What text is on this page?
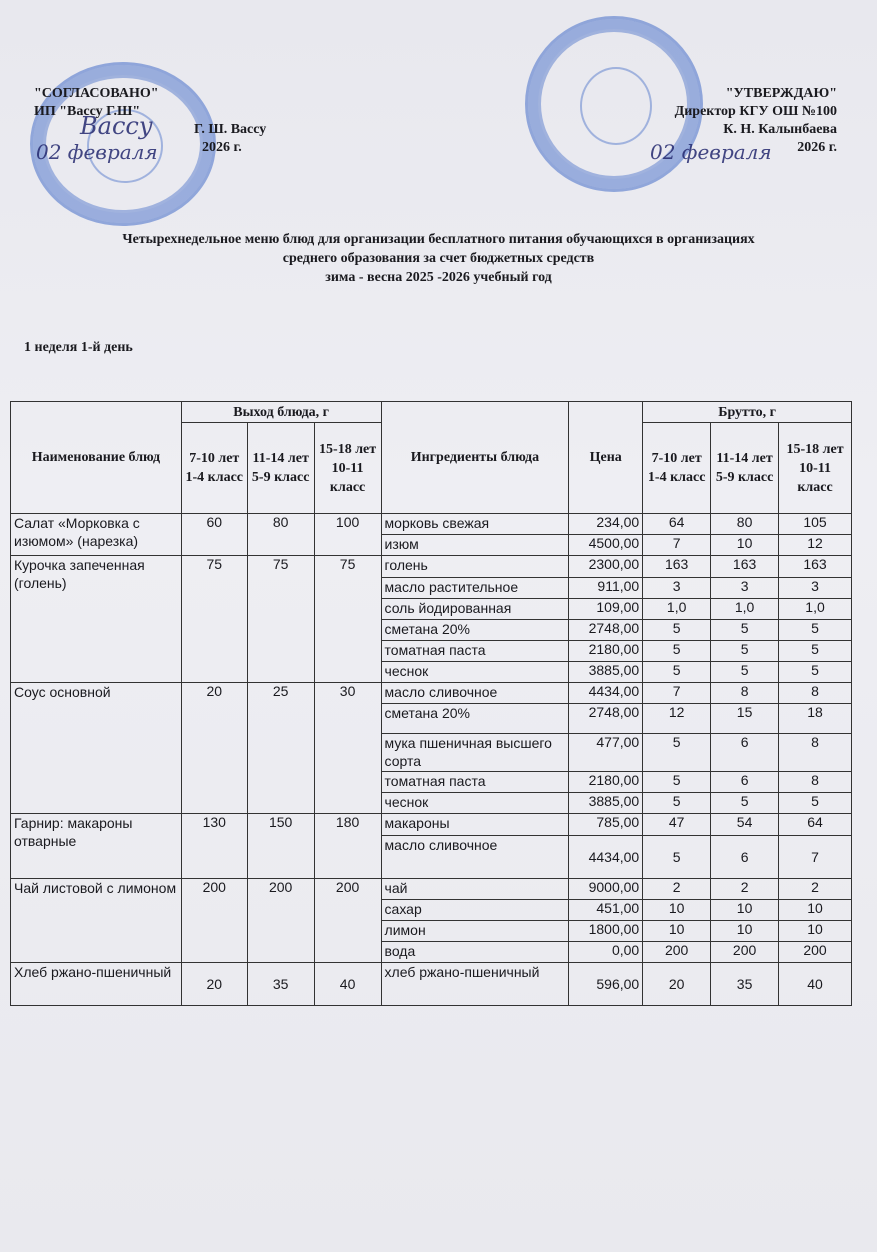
"СОГЛАСОВАНО"
ИП "Вассу Г.Ш"
Г. Ш. Вассу
2026 г.
Вассу
02 февраля
"УТВЕРЖДАЮ"
Директор КГУ ОШ №100
К. Н. Калынбаева
2026 г.
02 февраля
Четырехнедельное меню блюд для организации бесплатного питания обучающихся в организациях
среднего образования за счет бюджетных средств
зима - весна 2025 -2026 учебный год
1 неделя 1-й день
Наименование блюд	Выход блюда, г			Ингредиенты блюда	Цена	Брутто, г		
	7-10 лет 1-4 класс	11-14 лет 5-9 класс	15-18 лет 10-11 класс			7-10 лет 1-4 класс	11-14 лет 5-9 класс	15-18 лет 10-11 класс
Салат «Морковка с изюмом» (нарезка)	60	80	100	морковь свежая	234,00	64	80	105
				изюм	4500,00	7	10	12
Курочка запеченная (голень)	75	75	75	голень	2300,00	163	163	163
				масло растительное	911,00	3	3	3
				соль йодированная	109,00	1,0	1,0	1,0
				сметана 20%	2748,00	5	5	5
				томатная паста	2180,00	5	5	5
				чеснок	3885,00	5	5	5
Соус основной	20	25	30	масло сливочное	4434,00	7	8	8
				сметана 20%	2748,00	12	15	18
				мука пшеничная высшего сорта	477,00	5	6	8
				томатная паста	2180,00	5	6	8
				чеснок	3885,00	5	5	5
Гарнир: макароны отварные	130	150	180	макароны	785,00	47	54	64
				масло сливочное	4434,00	5	6	7
Чай листовой с лимоном	200	200	200	чай	9000,00	2	2	2
				сахар	451,00	10	10	10
				лимон	1800,00	10	10	10
				вода	0,00	200	200	200
Хлеб ржано-пшеничный	20	35	40	хлеб ржано-пшеничный	596,00	20	35	40
